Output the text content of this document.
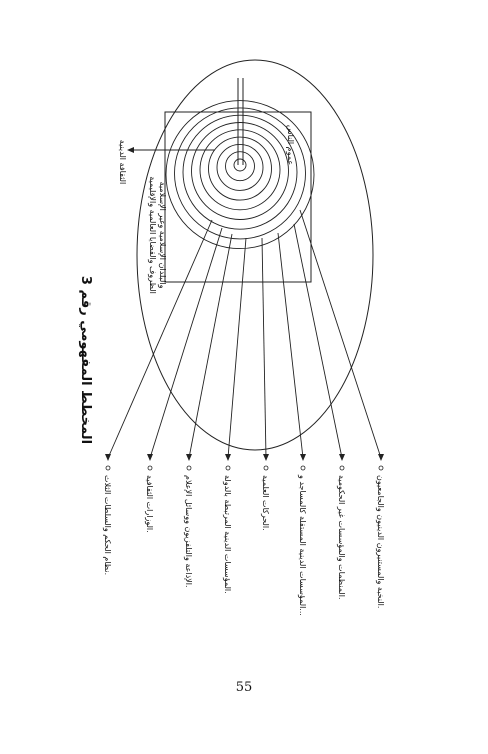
المخطط المفهومي رقم 3
عموم الناس
الثقافة الدينية
الظروف والقضايا العالمية والإقليمية والبلدان الإسلامية وغير الإسلامية
نظام الحكم والسلطات الثلاث.
الوزارات الثقافية.	الإذاعة والتلفزيون ووسائل الإعلام.	المؤسسات الدينية المرتبطة بالدولة.
الحركات العلمية.	المؤسسات الدينية المستقلة كالمساجد و...
المنظمات والمؤسسات غير الحكومية.	النخبة والمستنيرون الدينيون والجامعيون.
55
